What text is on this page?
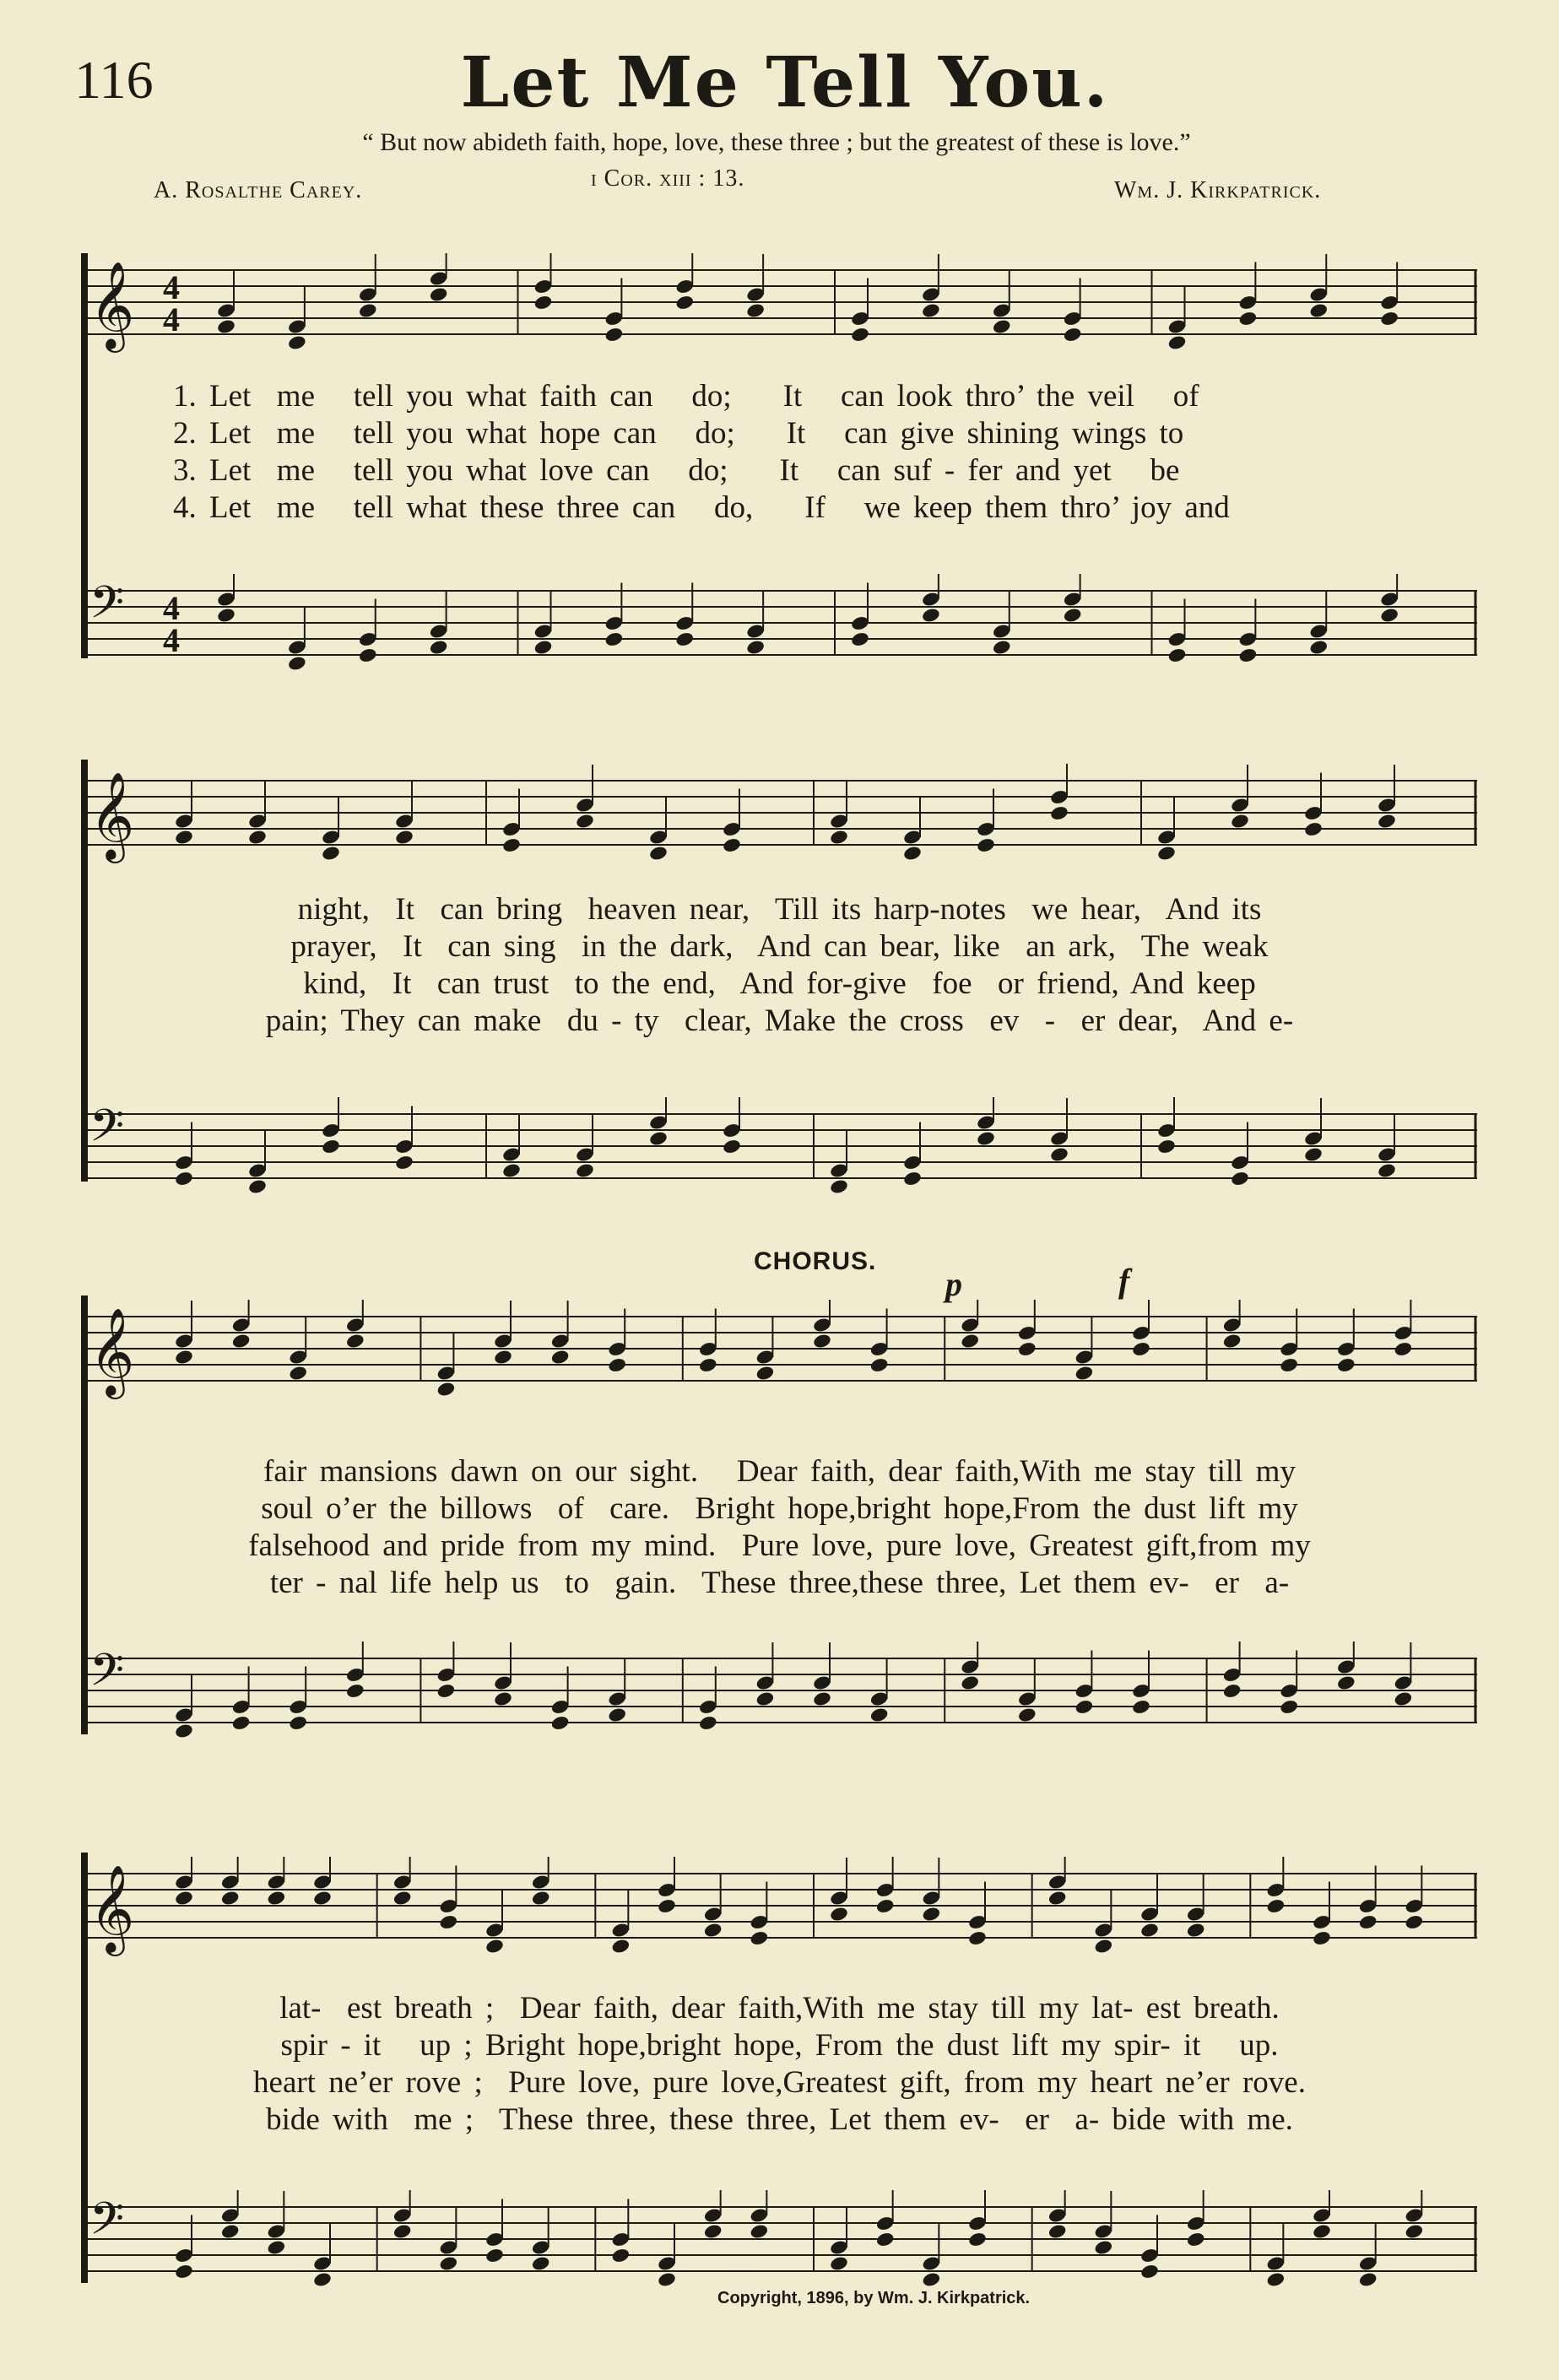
116	Let Me Tell You.
“ But now abideth faith, hope, love, these three ; but the greatest of these is love.”
A. Rosalthe Carey.	i Cor. xiii : 13.	Wm. J. Kirkpatrick.
𝄞 4
4
𝄢 4
4
1. Let  me   tell you what faith can   do;    It   can look thro’ the veil   of
2. Let  me   tell you what hope can   do;    It   can give shining wings to
3. Let  me   tell you what love can   do;    It   can suf - fer and yet   be
4. Let  me   tell what these three can   do,    If   we keep them thro’ joy and
𝄞
𝄢
night,  It  can bring  heaven near,  Till its harp-notes  we hear,  And its
prayer,  It  can sing  in the dark,  And can bear, like  an ark,  The weak
kind,  It  can trust  to the end,  And for-give  foe  or friend, And keep
pain; They can make  du - ty  clear, Make the cross  ev  -  er dear,  And e-
CHORUS.
p	f
𝄞
𝄢
fair mansions dawn on our sight.   Dear faith, dear faith,With me stay till my
soul o’er the billows  of  care.  Bright hope,bright hope,From the dust lift my
falsehood and pride from my mind.  Pure love, pure love, Greatest gift,from my
ter - nal life help us  to  gain.  These three,these three, Let them ev-  er  a-
𝄞
𝄢
lat-  est breath ;  Dear faith, dear faith,With me stay till my lat- est breath.
spir - it   up ; Bright hope,bright hope, From the dust lift my spir- it   up.
heart ne’er rove ;  Pure love, pure love,Greatest gift, from my heart ne’er rove.
bide with  me ;  These three, these three, Let them ev-  er  a- bide with me.
Copyright, 1896, by Wm. J. Kirkpatrick.
